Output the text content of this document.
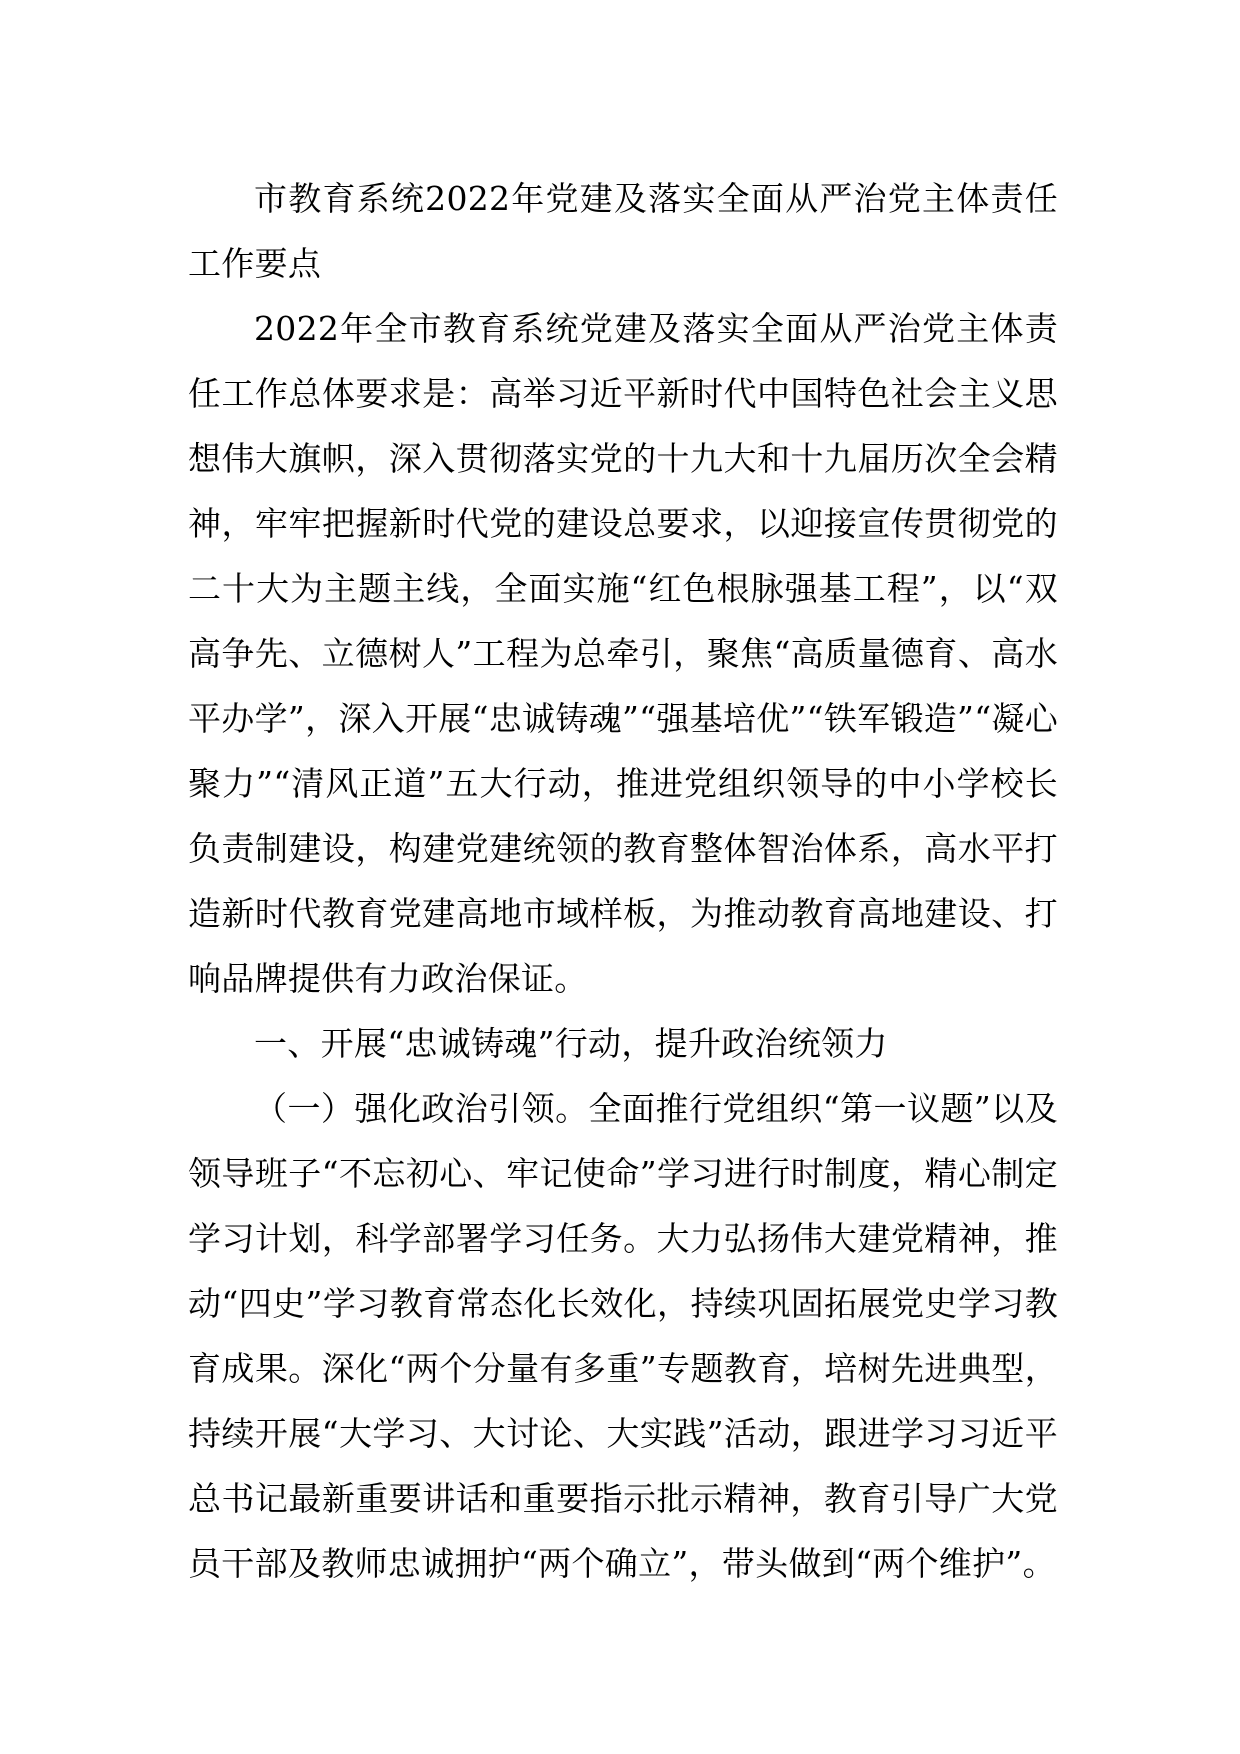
市教育系统2022年党建及落实全面从严治党主体责任工作要点

2022年全市教育系统党建及落实全面从严治党主体责任工作总体要求是：高举习近平新时代中国特色社会主义思想伟大旗帜，深入贯彻落实党的十九大和十九届历次全会精神，牢牢把握新时代党的建设总要求，以迎接宣传贯彻党的二十大为主题主线，全面实施“红色根脉强基工程”，以“双高争先、立德树人”工程为总牵引，聚焦“高质量德育、高水平办学”，深入开展“忠诚铸魂”“强基培优”“铁军锻造”“凝心聚力”“清风正道”五大行动，推进党组织领导的中小学校长负责制建设，构建党建统领的教育整体智治体系，高水平打造新时代教育党建高地市域样板，为推动教育高地建设、打响品牌提供有力政治保证。

一、开展“忠诚铸魂”行动，提升政治统领力

（一）强化政治引领。全面推行党组织“第一议题”以及领导班子“不忘初心、牢记使命”学习进行时制度，精心制定学习计划，科学部署学习任务。大力弘扬伟大建党精神，推动“四史”学习教育常态化长效化，持续巩固拓展党史学习教育成果。深化“两个分量有多重”专题教育，培树先进典型，持续开展“大学习、大讨论、大实践”活动，跟进学习习近平总书记最新重要讲话和重要指示批示精神，教育引导广大党员干部及教师忠诚拥护“两个确立”，带头做到“两个维护”。
